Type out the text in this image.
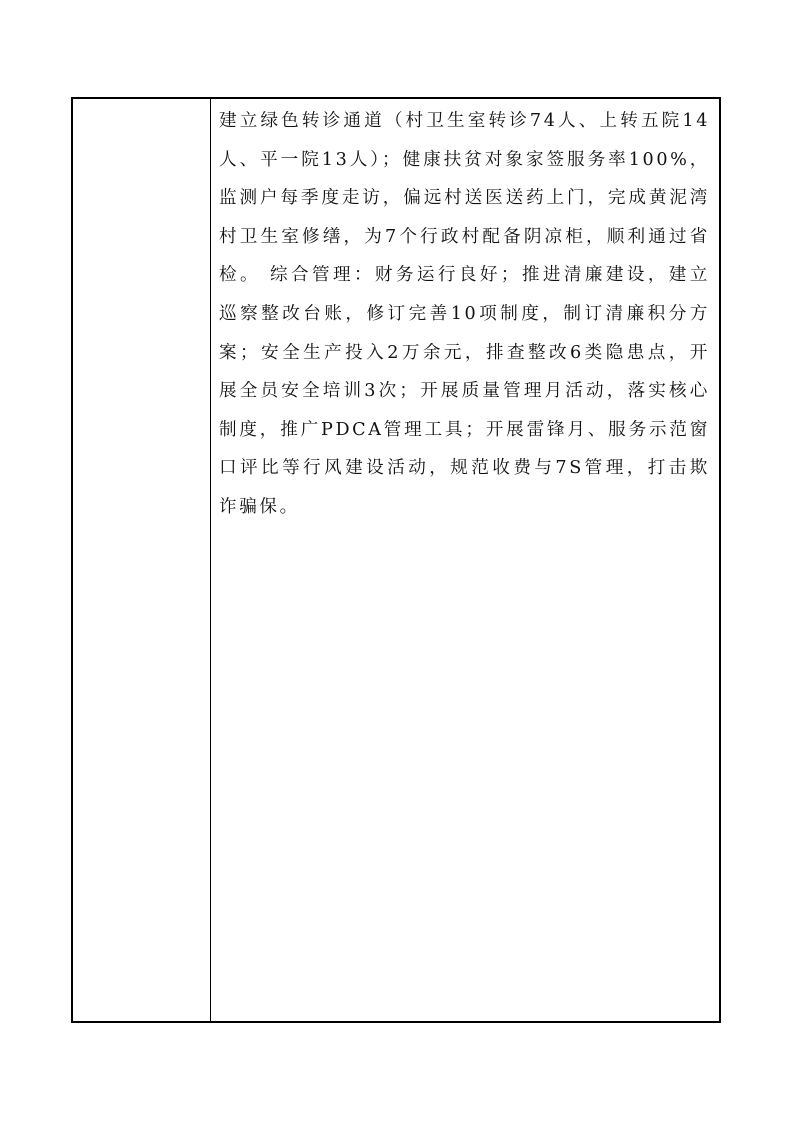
建立绿色转诊通道（村卫生室转诊74人、上转五院14人、平一院13人）；健康扶贫对象家签服务率100%，监测户每季度走访，偏远村送医送药上门，完成黄泥湾村卫生室修缮，为7个行政村配备阴凉柜，顺利通过省检。 综合管理：财务运行良好；推进清廉建设，建立巡察整改台账，修订完善10项制度，制订清廉积分方案；安全生产投入2万余元，排查整改6类隐患点，开展全员安全培训3次；开展质量管理月活动，落实核心制度，推广PDCA管理工具；开展雷锋月、服务示范窗口评比等行风建设活动，规范收费与7S管理，打击欺诈骗保。
